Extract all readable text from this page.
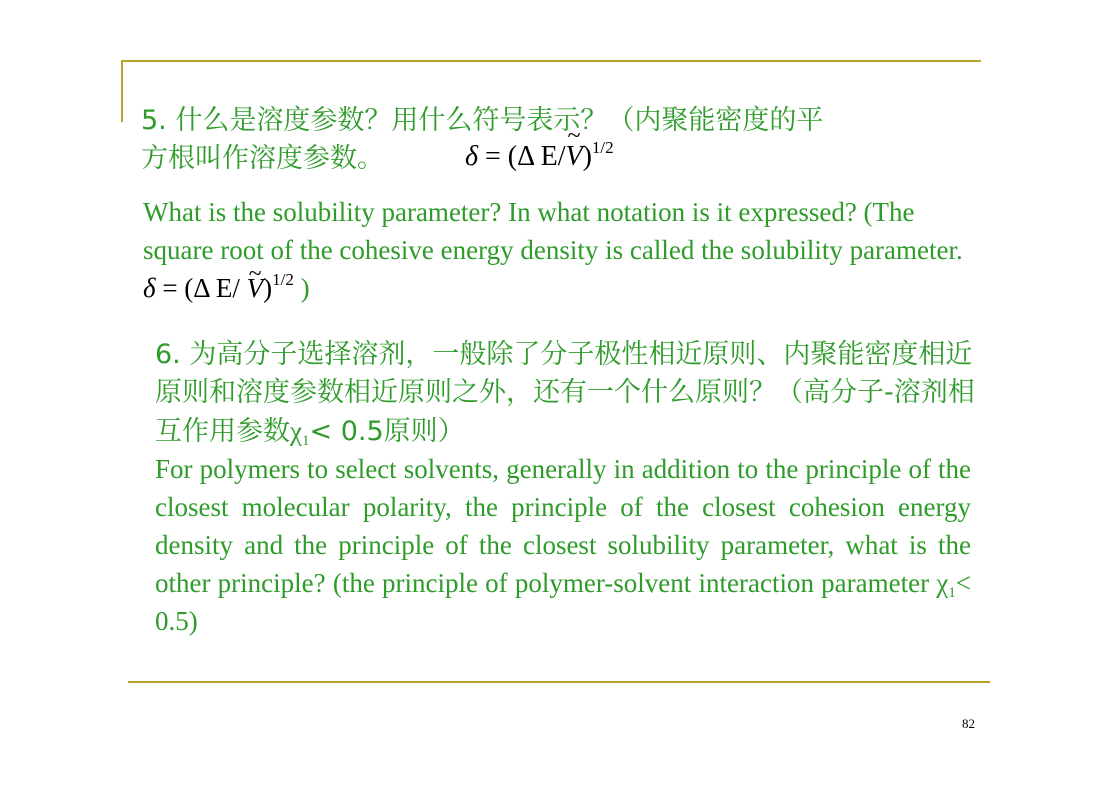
5. 什么是溶度参数？用什么符号表示？（内聚能密度的平
方根叫作溶度参数。	δ = (Δ E/~ V)$^{1/2}$
What is the solubility parameter? In what notation is it expressed? (The square root of the cohesive energy density is called the solubility parameter. δ = (Δ E/ ~ V)$^{1/2}$ )
6. 为高分子选择溶剂，一般除了分子极性相近原则、内聚能密度相近原则和溶度参数相近原则之外，还有一个什么原则？（高分子-溶剂相互作用参数$\chi_1< 0.5$原则）
For polymers to select solvents, generally in addition to the principle of the closest molecular polarity, the principle of the closest cohesion energy density and the principle of the closest solubility parameter, what is the other principle? (the principle of polymer-solvent interaction parameter $\chi_1< 0.5$)
82
